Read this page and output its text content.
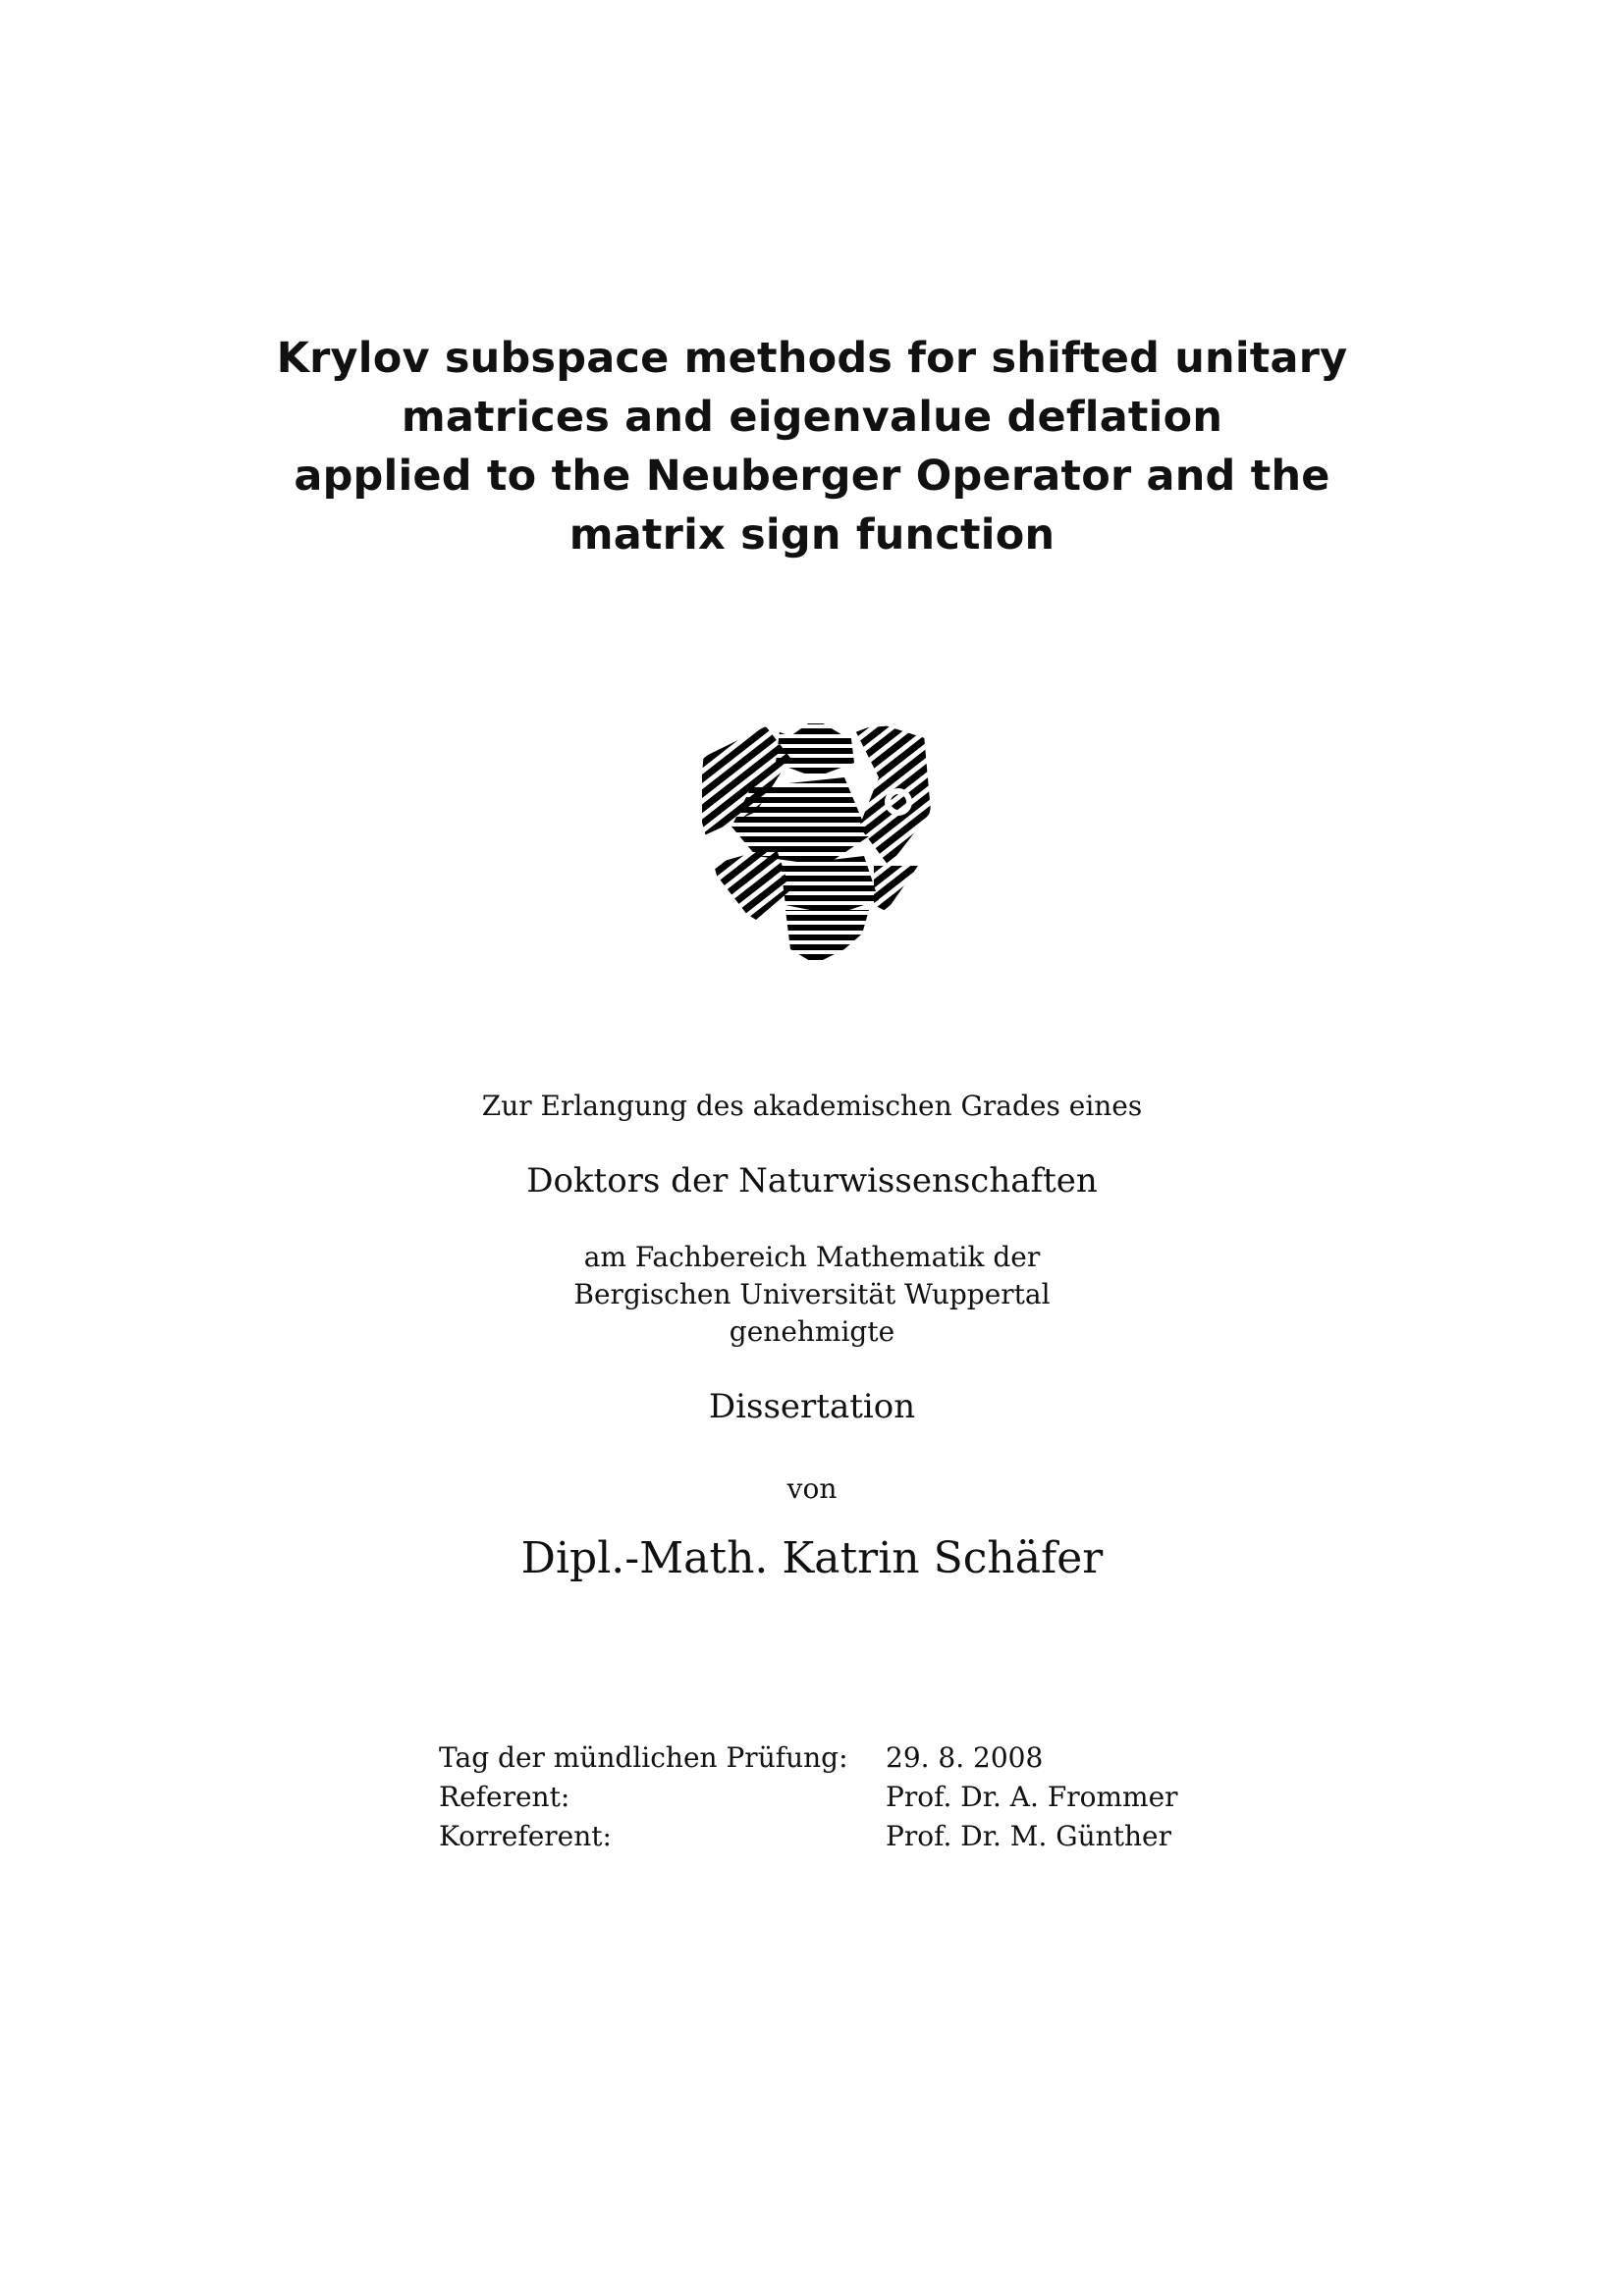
Krylov subspace methods for shifted unitary
matrices and eigenvalue deflation
applied to the Neuberger Operator and the
matrix sign function
Zur Erlangung des akademischen Grades eines
Doktors der Naturwissenschaften
am Fachbereich Mathematik der
Bergischen Universität Wuppertal
genehmigte
Dissertation
von
Dipl.-Math. Katrin Schäfer
Tag der mündlichen Prüfung:	29. 8. 2008
Referent:	Prof. Dr. A. Frommer
Korreferent:	Prof. Dr. M. Günther
